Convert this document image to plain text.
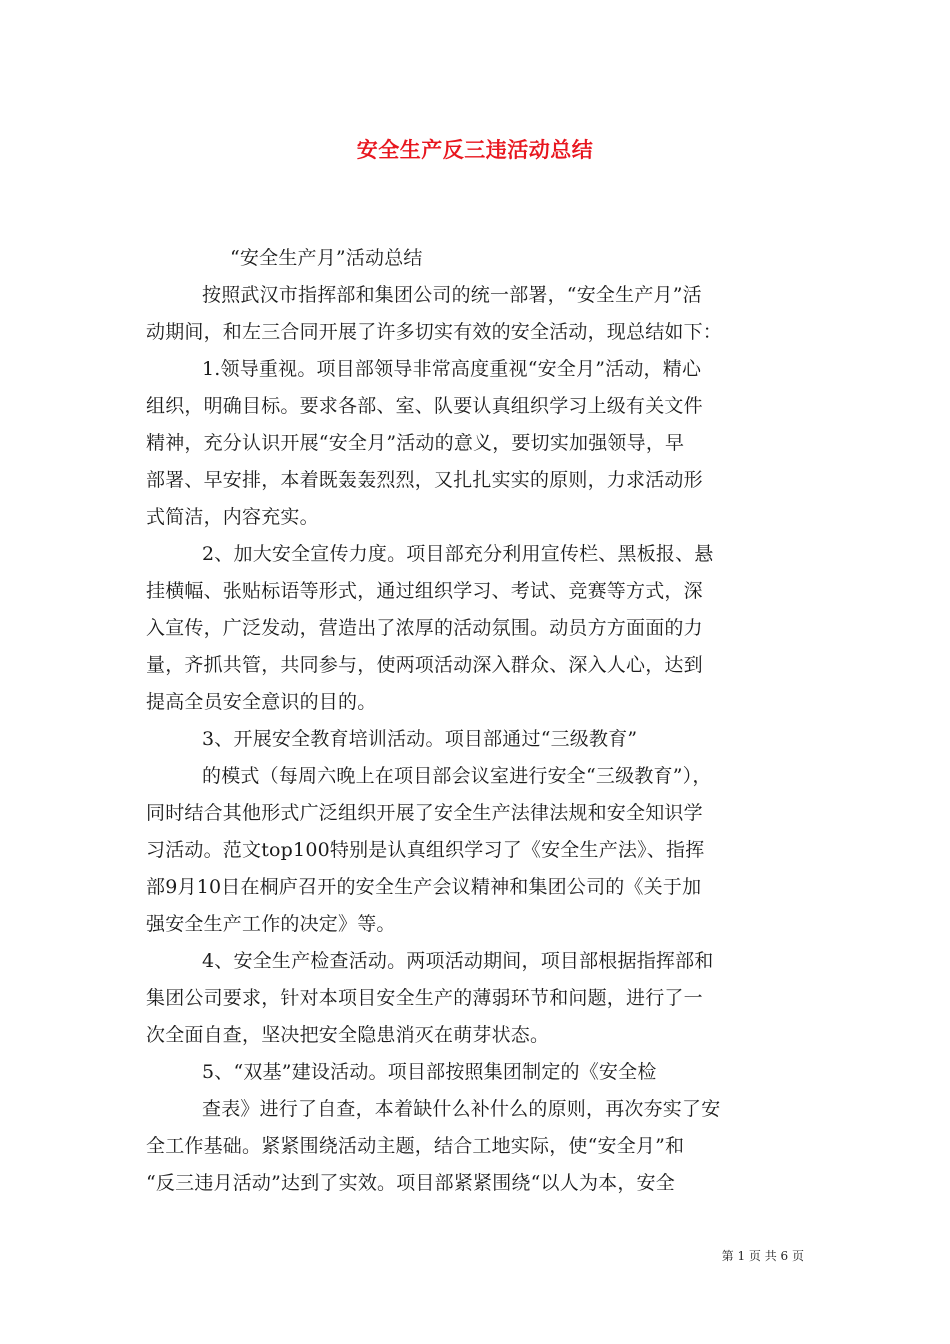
安全生产反三违活动总结
“安全生产月”活动总结
按照武汉市指挥部和集团公司的统一部署，“安全生产月”活
动期间，和左三合同开展了许多切实有效的安全活动，现总结如下：
1.领导重视。项目部领导非常高度重视“安全月”活动，精心
组织，明确目标。要求各部、室、队要认真组织学习上级有关文件
精神，充分认识开展“安全月”活动的意义，要切实加强领导，早
部署、早安排，本着既轰轰烈烈，又扎扎实实的原则，力求活动形
式简洁，内容充实。
2、加大安全宣传力度。项目部充分利用宣传栏、黑板报、悬
挂横幅、张贴标语等形式，通过组织学习、考试、竞赛等方式，深
入宣传，广泛发动，营造出了浓厚的活动氛围。动员方方面面的力
量，齐抓共管，共同参与，使两项活动深入群众、深入人心，达到
提高全员安全意识的目的。
3、开展安全教育培训活动。项目部通过“三级教育”
的模式（每周六晚上在项目部会议室进行安全“三级教育”），
同时结合其他形式广泛组织开展了安全生产法律法规和安全知识学
习活动。范文top100特别是认真组织学习了《安全生产法》、指挥
部9月10日在桐庐召开的安全生产会议精神和集团公司的《关于加
强安全生产工作的决定》等。
4、安全生产检查活动。两项活动期间，项目部根据指挥部和
集团公司要求，针对本项目安全生产的薄弱环节和问题，进行了一
次全面自查，坚决把安全隐患消灭在萌芽状态。
5、“双基”建设活动。项目部按照集团制定的《安全检
查表》进行了自查，本着缺什么补什么的原则，再次夯实了安
全工作基础。紧紧围绕活动主题，结合工地实际，使“安全月”和
“反三违月活动”达到了实效。项目部紧紧围绕“以人为本，安全
第 1 页 共 6 页
